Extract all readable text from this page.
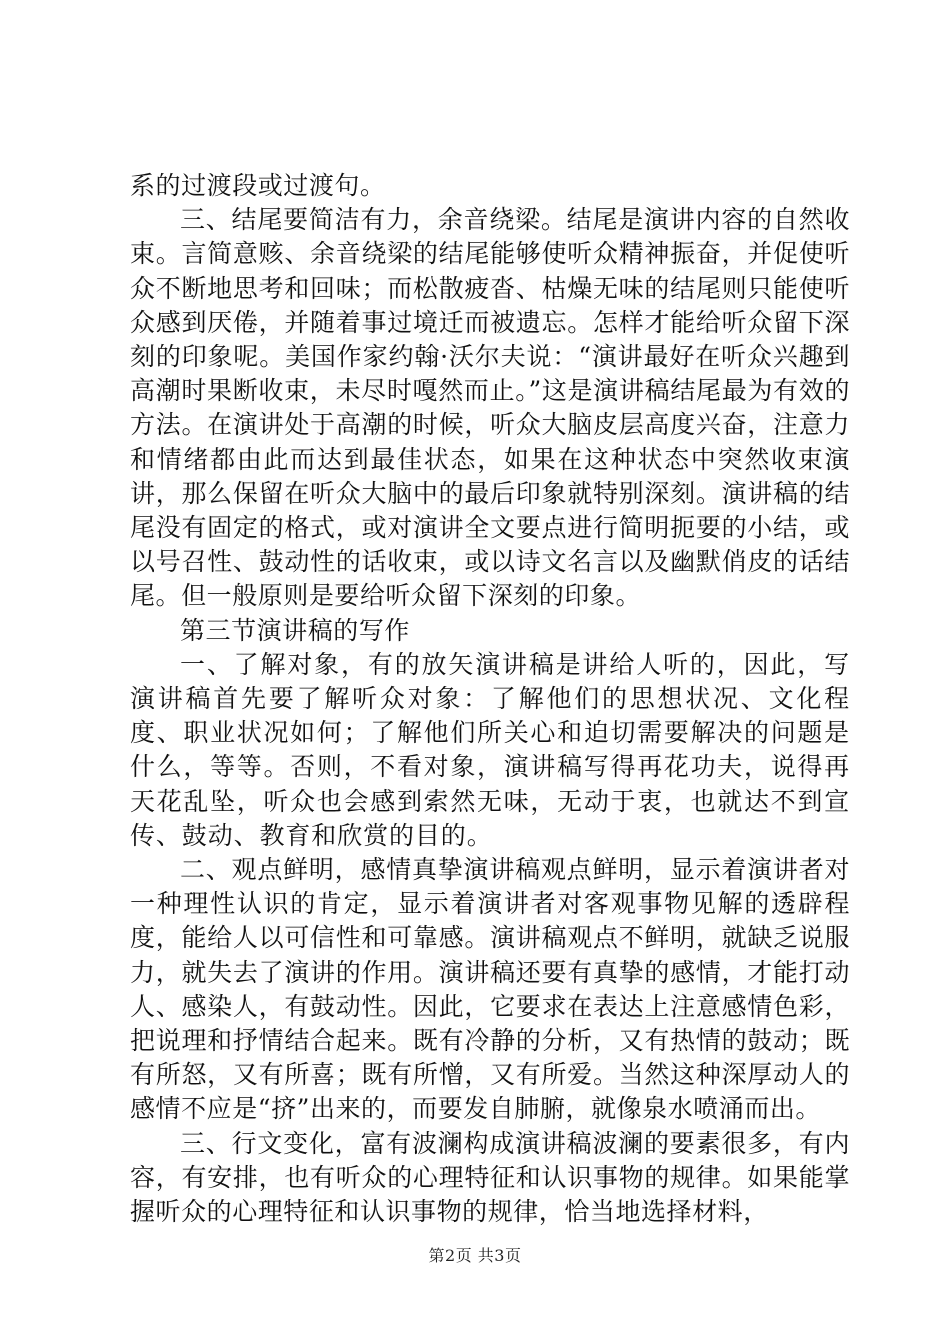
系的过渡段或过渡句。

三、结尾要简洁有力，余音绕梁。结尾是演讲内容的自然收束。言简意赅、余音绕梁的结尾能够使听众精神振奋，并促使听众不断地思考和回味；而松散疲沓、枯燥无味的结尾则只能使听众感到厌倦，并随着事过境迁而被遗忘。怎样才能给听众留下深刻的印象呢。美国作家约翰·沃尔夫说：“演讲最好在听众兴趣到高潮时果断收束，未尽时嘎然而止。”这是演讲稿结尾最为有效的方法。在演讲处于高潮的时候，听众大脑皮层高度兴奋，注意力和情绪都由此而达到最佳状态，如果在这种状态中突然收束演讲，那么保留在听众大脑中的最后印象就特别深刻。演讲稿的结尾没有固定的格式，或对演讲全文要点进行简明扼要的小结，或以号召性、鼓动性的话收束，或以诗文名言以及幽默俏皮的话结尾。但一般原则是要给听众留下深刻的印象。

第三节演讲稿的写作

一、了解对象，有的放矢演讲稿是讲给人听的，因此，写演讲稿首先要了解听众对象：了解他们的思想状况、文化程度、职业状况如何；了解他们所关心和迫切需要解决的问题是什么，等等。否则，不看对象，演讲稿写得再花功夫，说得再天花乱坠，听众也会感到索然无味，无动于衷，也就达不到宣传、鼓动、教育和欣赏的目的。

二、观点鲜明，感情真挚演讲稿观点鲜明，显示着演讲者对一种理性认识的肯定，显示着演讲者对客观事物见解的透辟程度，能给人以可信性和可靠感。演讲稿观点不鲜明，就缺乏说服力，就失去了演讲的作用。演讲稿还要有真挚的感情，才能打动人、感染人，有鼓动性。因此，它要求在表达上注意感情色彩，把说理和抒情结合起来。既有冷静的分析，又有热情的鼓动；既有所怒，又有所喜；既有所憎，又有所爱。当然这种深厚动人的感情不应是“挤”出来的，而要发自肺腑，就像泉水喷涌而出。

三、行文变化，富有波澜构成演讲稿波澜的要素很多，有内容，有安排，也有听众的心理特征和认识事物的规律。如果能掌握听众的心理特征和认识事物的规律，恰当地选择材料，

第2页 共3页
